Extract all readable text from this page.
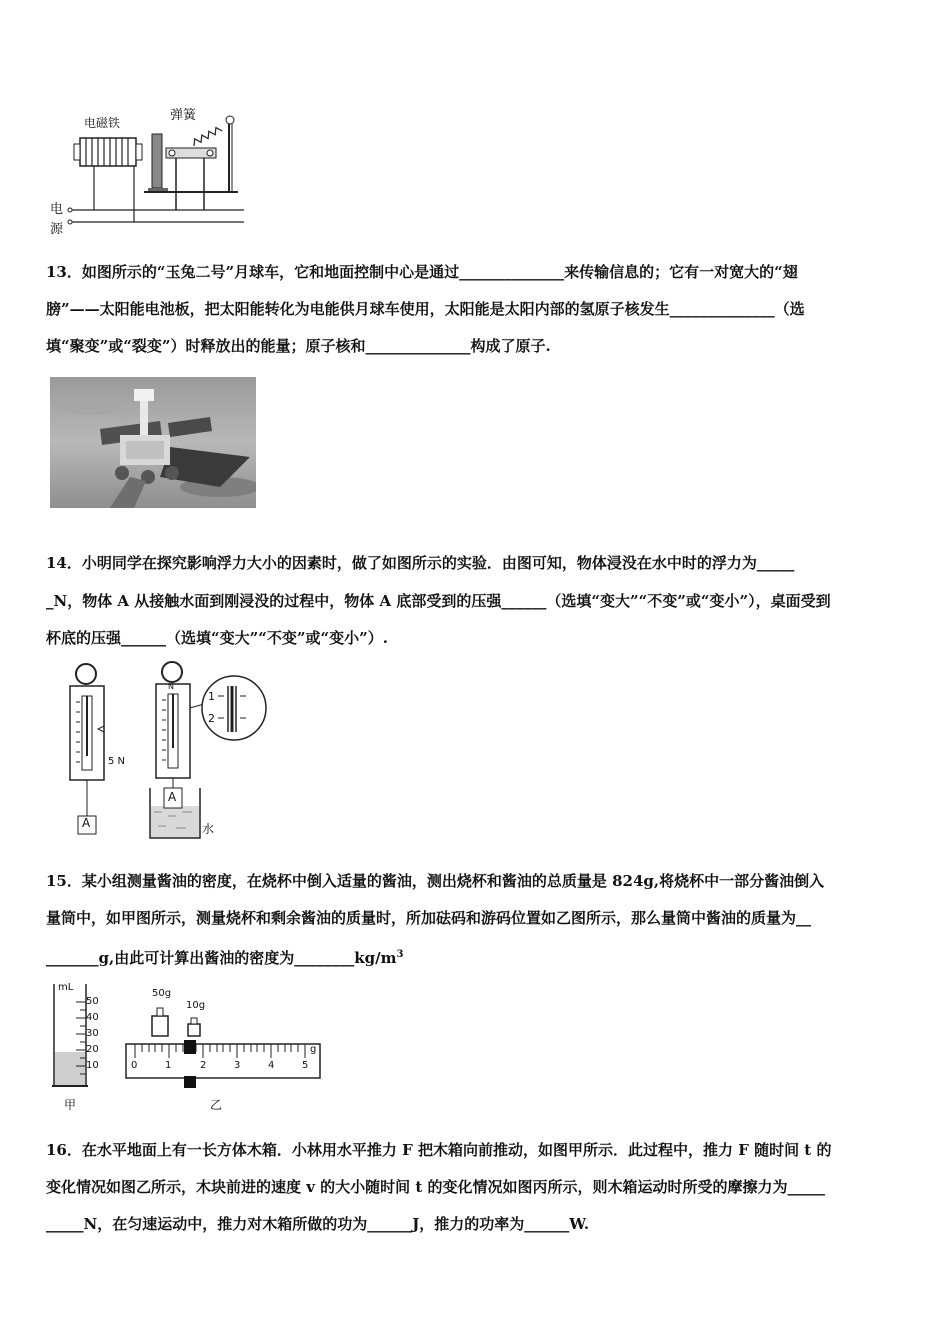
电磁铁	弹簧
电
源
13．如图所示的“玉兔二号”月球车，它和地面控制中心是通过______________来传输信息的；它有一对宽大的“翅
膀”——太阳能电池板，把太阳能转化为电能供月球车使用，太阳能是太阳内部的氢原子核发生______________（选
填“聚变”或“裂变”）时释放出的能量；原子核和______________构成了原子.
14．小明同学在探究影响浮力大小的因素时，做了如图所示的实验．由图可知，物体浸没在水中时的浮力为_____
_N，物体 A 从接触水面到刚浸没的过程中，物体 A 底部受到的压强______（选填“变大”“不变”或“变小”），桌面受到
杯底的压强______（选填“变大”“不变”或“变小”）.
A
A
5 N
水
N
1
2
15．某小组测量酱油的密度，在烧杯中倒入适量的酱油，测出烧杯和酱油的总质量是 824g,将烧杯中一部分酱油倒入
量筒中，如甲图所示，测量烧杯和剩余酱油的质量时，所加砝码和游码位置如乙图所示，那么量筒中酱油的质量为__
_______g,由此可计算出酱油的密度为$\_\_\_\_\_\_\_\_kg/m^3$
mL
50
40
30
20
10
甲
50g
10g
0	1	2	3	4	5
g
乙
16．在水平地面上有一长方体木箱．小林用水平推力 F 把木箱向前推动，如图甲所示．此过程中，推力 F 随时间 t 的
变化情况如图乙所示，木块前进的速度 v 的大小随时间 t 的变化情况如图丙所示，则木箱运动时所受的摩擦力为_____
_____N，在匀速运动中，推力对木箱所做的功为______J，推力的功率为______W.
